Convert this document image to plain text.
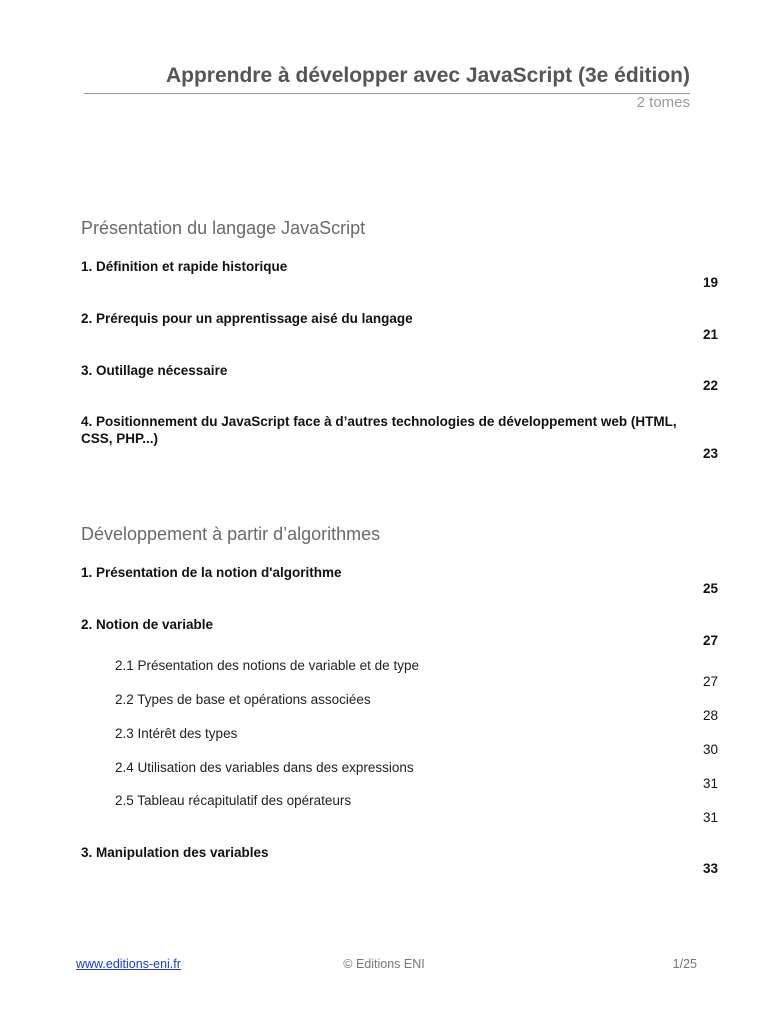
Apprendre à développer avec JavaScript (3e édition)
2 tomes
Présentation du langage JavaScript
1. Définition et rapide historique
19
2. Prérequis pour un apprentissage aisé du langage
21
3. Outillage nécessaire
22
4. Positionnement du JavaScript face à d’autres technologies de développement web (HTML, CSS, PHP...)
23
Développement à partir d’algorithmes
1. Présentation de la notion d'algorithme
25
2. Notion de variable
27
2.1 Présentation des notions de variable et de type
27
2.2 Types de base et opérations associées
28
2.3 Intérêt des types
30
2.4 Utilisation des variables dans des expressions
31
2.5 Tableau récapitulatif des opérateurs
31
3. Manipulation des variables
33
www.editions-eni.fr	© Editions ENI	1/25
